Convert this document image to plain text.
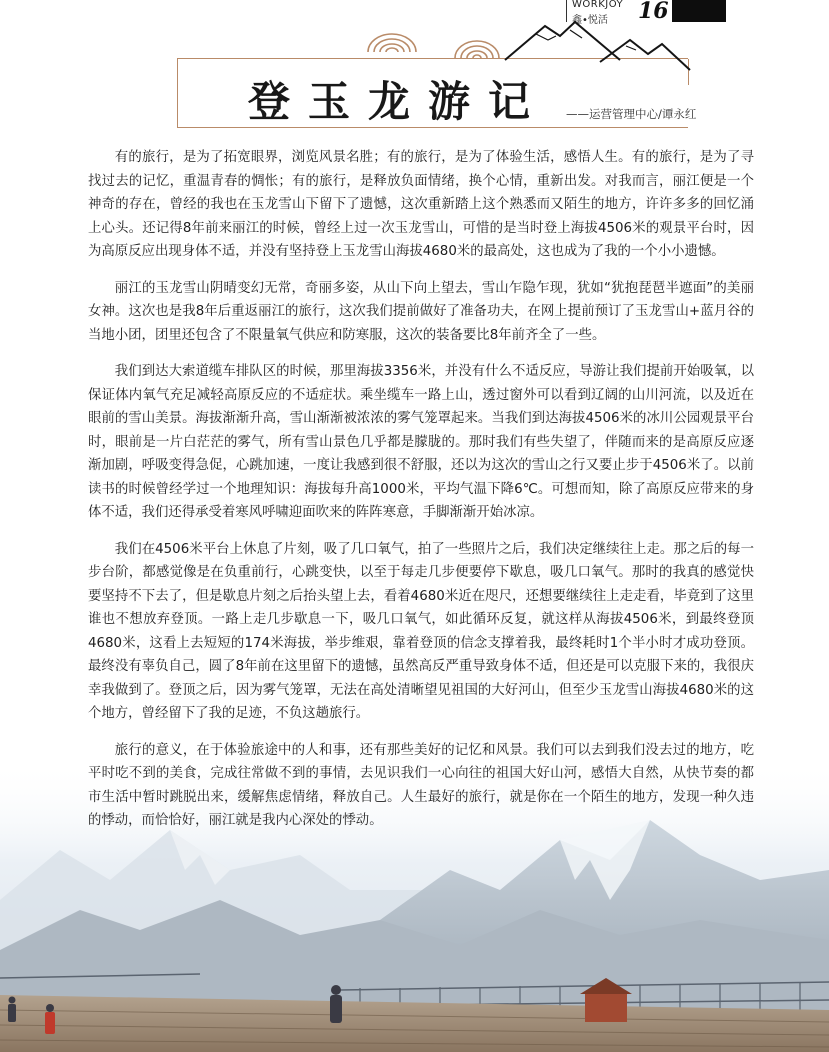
WORKJOY
鑫•悦活 16
登玉龙游记	——运营管理中心/谭永红

有的旅行，是为了拓宽眼界，浏览风景名胜；有的旅行，是为了体验生活，感悟人生。有的旅行，是为了寻找过去的记忆，重温青春的惆怅；有的旅行，是释放负面情绪，换个心情，重新出发。对我而言，丽江便是一个神奇的存在，曾经的我也在玉龙雪山下留下了遗憾，这次重新踏上这个熟悉而又陌生的地方，许许多多的回忆涌上心头。还记得8年前来丽江的时候，曾经上过一次玉龙雪山，可惜的是当时登上海拔4506米的观景平台时，因为高原反应出现身体不适，并没有坚持登上玉龙雪山海拔4680米的最高处，这也成为了我的一个小小遗憾。

丽江的玉龙雪山阴晴变幻无常，奇丽多姿，从山下向上望去，雪山乍隐乍现，犹如“犹抱琵琶半遮面”的美丽女神。这次也是我8年后重返丽江的旅行，这次我们提前做好了准备功夫，在网上提前预订了玉龙雪山+蓝月谷的当地小团，团里还包含了不限量氧气供应和防寒服，这次的装备要比8年前齐全了一些。

我们到达大索道缆车排队区的时候，那里海拔3356米，并没有什么不适反应，导游让我们提前开始吸氧，以保证体内氧气充足减轻高原反应的不适症状。乘坐缆车一路上山，透过窗外可以看到辽阔的山川河流，以及近在眼前的雪山美景。海拔渐渐升高，雪山渐渐被浓浓的雾气笼罩起来。当我们到达海拔4506米的冰川公园观景平台时，眼前是一片白茫茫的雾气，所有雪山景色几乎都是朦胧的。那时我们有些失望了，伴随而来的是高原反应逐渐加剧，呼吸变得急促，心跳加速，一度让我感到很不舒服，还以为这次的雪山之行又要止步于4506米了。以前读书的时候曾经学过一个地理知识：海拔每升高1000米，平均气温下降6℃。可想而知，除了高原反应带来的身体不适，我们还得承受着寒风呼啸迎面吹来的阵阵寒意，手脚渐渐开始冰凉。

我们在4506米平台上休息了片刻，吸了几口氧气，拍了一些照片之后，我们决定继续往上走。那之后的每一步台阶，都感觉像是在负重前行，心跳变快，以至于每走几步便要停下歇息，吸几口氧气。那时的我真的感觉快要坚持不下去了，但是歇息片刻之后抬头望上去，看着4680米近在咫尺，还想要继续往上走走看，毕竟到了这里谁也不想放弃登顶。一路上走几步歇息一下，吸几口氧气，如此循环反复，就这样从海拔4506米，到最终登顶4680米，这看上去短短的174米海拔，举步维艰，靠着登顶的信念支撑着我，最终耗时1个半小时才成功登顶。最终没有辜负自己，圆了8年前在这里留下的遗憾，虽然高反严重导致身体不适，但还是可以克服下来的，我很庆幸我做到了。登顶之后，因为雾气笼罩，无法在高处清晰望见祖国的大好河山，但至少玉龙雪山海拔4680米的这个地方，曾经留下了我的足迹，不负这趟旅行。

旅行的意义，在于体验旅途中的人和事，还有那些美好的记忆和风景。我们可以去到我们没去过的地方，吃平时吃不到的美食，完成往常做不到的事情，去见识我们一心向往的祖国大好山河，感悟大自然，从快节奏的都市生活中暂时跳脱出来，缓解焦虑情绪，释放自己。人生最好的旅行，就是你在一个陌生的地方，发现一种久违的悸动，而恰恰好，丽江就是我内心深处的悸动。
